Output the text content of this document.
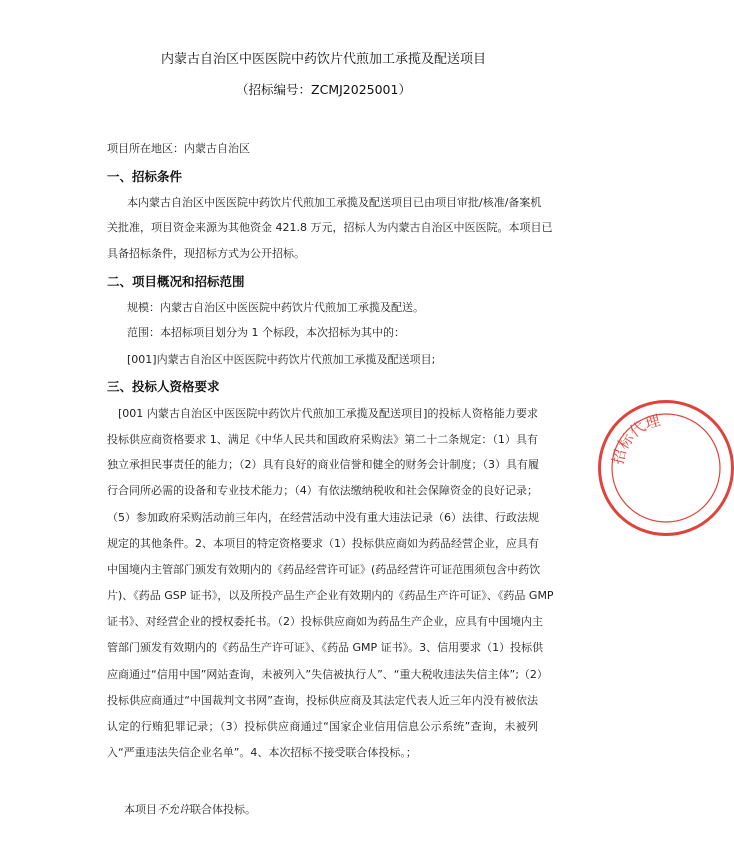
内蒙古自治区中医医院中药饮片代煎加工承揽及配送项目
（招标编号：ZCMJ2025001）
项目所在地区：内蒙古自治区
一、招标条件
本内蒙古自治区中医医院中药饮片代煎加工承揽及配送项目已由项目审批/核准/备案机
关批准，项目资金来源为其他资金 421.8 万元，招标人为内蒙古自治区中医医院。本项目已
具备招标条件，现招标方式为公开招标。
二、项目概况和招标范围
规模：内蒙古自治区中医医院中药饮片代煎加工承揽及配送。
范围：本招标项目划分为 1 个标段，本次招标为其中的：
[001]内蒙古自治区中医医院中药饮片代煎加工承揽及配送项目;
三、投标人资格要求
[001 内蒙古自治区中医医院中药饮片代煎加工承揽及配送项目]的投标人资格能力要求
投标供应商资格要求 1、满足《中华人民共和国政府采购法》第二十二条规定：（1）具有
独立承担民事责任的能力；（2）具有良好的商业信誉和健全的财务会计制度；（3）具有履
行合同所必需的设备和专业技术能力；（4）有依法缴纳税收和社会保障资金的良好记录；
（5）参加政府采购活动前三年内，在经营活动中没有重大违法记录（6）法律、行政法规
规定的其他条件。2、本项目的特定资格要求（1）投标供应商如为药品经营企业，应具有
中国境内主管部门颁发有效期内的《药品经营许可证》(药品经营许可证范围须包含中药饮
片)、《药品 GSP 证书》，以及所投产品生产企业有效期内的《药品生产许可证》、《药品 GMP
证书》、对经营企业的授权委托书。（2）投标供应商如为药品生产企业，应具有中国境内主
管部门颁发有效期内的《药品生产许可证》、《药品 GMP 证书》。3、信用要求（1）投标供
应商通过“信用中国”网站查询，未被列入”失信被执行人”、“重大税收违法失信主体”;（2）
投标供应商通过“中国裁判文书网”查询，投标供应商及其法定代表人近三年内没有被依法
认定的行贿犯罪记录；（3）投标供应商通过“国家企业信用信息公示系统”查询，未被列
入“严重违法失信企业名单”。4、本次招标不接受联合体投标。；
本项目不允许联合体投标。
招标代理
